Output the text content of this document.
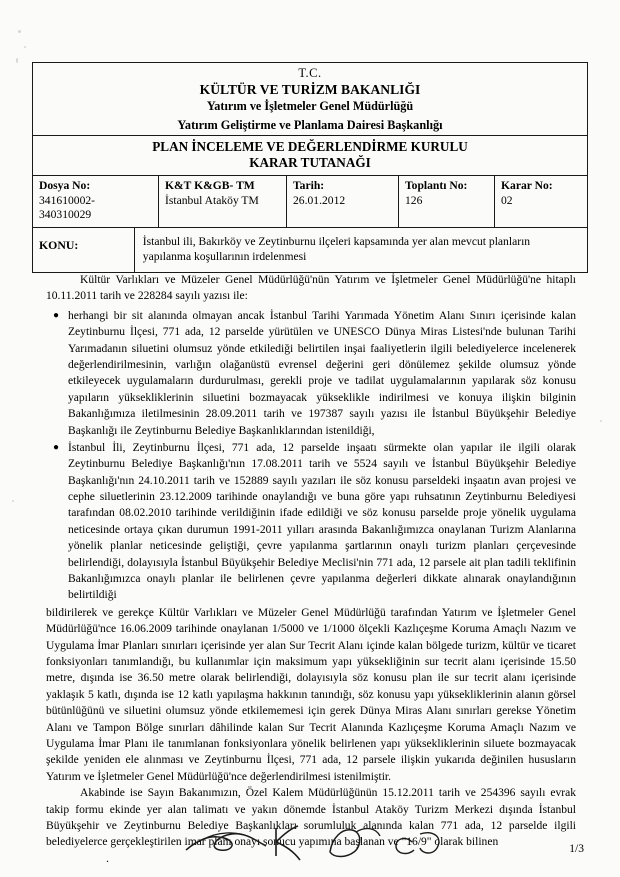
T.C.
KÜLTÜR VE TURİZM BAKANLIĞI
Yatırım ve İşletmeler Genel Müdürlüğü
Yatırım Geliştirme ve Planlama Dairesi Başkanlığı
PLAN İNCELEME VE DEĞERLENDİRME KURULU
KARAR TUTANAĞI
Dosya No:
341610002-
340310029
K&T K&GB- TM
İstanbul Ataköy TM
Tarih:
26.01.2012
Toplantı No:
126
Karar No:
02
KONU:	İstanbul ili, Bakırköy ve Zeytinburnu ilçeleri kapsamında yer alan mevcut planların yapılanma koşullarının irdelenmesi

Kültür Varlıkları ve Müzeler Genel Müdürlüğü'nün Yatırım ve İşletmeler Genel Müdürlüğü'ne hitaplı 10.11.2011 tarih ve 228284 sayılı yazısı ile:

● herhangi bir sit alanında olmayan ancak İstanbul Tarihi Yarımada Yönetim Alanı Sınırı içerisinde kalan Zeytinburnu İlçesi, 771 ada, 12 parselde yürütülen ve UNESCO Dünya Miras Listesi'nde bulunan Tarihi Yarımadanın siluetini olumsuz yönde etkilediği belirtilen inşai faaliyetlerin ilgili belediyelerce incelenerek değerlendirilmesinin, varlığın olağanüstü evrensel değerini geri dönülemez şekilde olumsuz yönde etkileyecek uygulamaların durdurulması, gerekli proje ve tadilat uygulamalarının yapılarak söz konusu yapıların yüksekliklerinin siluetini bozmayacak yükseklikle indirilmesi ve konuya ilişkin bilginin Bakanlığımıza iletilmesinin 28.09.2011 tarih ve 197387 sayılı yazısı ile İstanbul Büyükşehir Belediye Başkanlığı ile Zeytinburnu Belediye Başkanlıklarından istenildiği,
● İstanbul İli, Zeytinburnu İlçesi, 771 ada, 12 parselde inşaatı sürmekte olan yapılar ile ilgili olarak Zeytinburnu Belediye Başkanlığı'nın 17.08.2011 tarih ve 5524 sayılı ve İstanbul Büyükşehir Belediye Başkanlığı'nın 24.10.2011 tarih ve 152889 sayılı yazıları ile söz konusu parseldeki inşaatın avan projesi ve cephe siluetlerinin 23.12.2009 tarihinde onaylandığı ve buna göre yapı ruhsatının Zeytinburnu Belediyesi tarafından 08.02.2010 tarihinde verildiğinin ifade edildiği ve söz konusu parselde proje yönelik uygulama neticesinde ortaya çıkan durumun 1991-2011 yılları arasında Bakanlığımızca onaylanan Turizm Alanlarına yönelik planlar neticesinde geliştiği, çevre yapılanma şartlarının onaylı turizm planları çerçevesinde belirlendiği, dolayısıyla İstanbul Büyükşehir Belediye Meclisi'nin 771 ada, 12 parsele ait plan tadili teklifinin Bakanlığımızca onaylı planlar ile belirlenen çevre yapılanma değerleri dikkate alınarak onaylandığının belirtildiği

bildirilerek ve gerekçe Kültür Varlıkları ve Müzeler Genel Müdürlüğü tarafından Yatırım ve İşletmeler Genel Müdürlüğü'nce 16.06.2009 tarihinde onaylanan 1/5000 ve 1/1000 ölçekli Kazlıçeşme Koruma Amaçlı Nazım ve Uygulama İmar Planları sınırları içerisinde yer alan Sur Tecrit Alanı içinde kalan bölgede turizm, kültür ve ticaret fonksiyonları tanımlandığı, bu kullanımlar için maksimum yapı yüksekliğinin sur tecrit alanı içerisinde 15.50 metre, dışında ise 36.50 metre olarak belirlendiği, dolayısıyla söz konusu plan ile sur tecrit alanı içerisinde yaklaşık 5 katlı, dışında ise 12 katlı yapılaşma hakkının tanındığı, söz konusu yapı yüksekliklerinin alanın görsel bütünlüğünü ve siluetini olumsuz yönde etkilememesi için gerek Dünya Miras Alanı sınırları gerekse Yönetim Alanı ve Tampon Bölge sınırları dâhilinde kalan Sur Tecrit Alanında Kazlıçeşme Koruma Amaçlı Nazım ve Uygulama İmar Planı ile tanımlanan fonksiyonlara yönelik belirlenen yapı yüksekliklerinin siluete bozmayacak şekilde yeniden ele alınması ve Zeytinburnu İlçesi, 771 ada, 12 parsele ilişkin yukarıda değinilen hususların Yatırım ve İşletmeler Genel Müdürlüğü'nce değerlendirilmesi istenilmiştir.

Akabinde ise Sayın Bakanımızın, Özel Kalem Müdürlüğünün 15.12.2011 tarih ve 254396 sayılı evrak takip formu ekinde yer alan talimatı ve yakın dönemde İstanbul Ataköy Turizm Merkezi dışında İstanbul Büyükşehir ve Zeytinburnu Belediye Başkanlıkları sorumluluk alanında kalan 771 ada, 12 parselde ilgili belediyelerce gerçekleştirilen imar planı onayı sonucu yapımına başlanan ve "16/9" olarak bilinen

.
1/3
